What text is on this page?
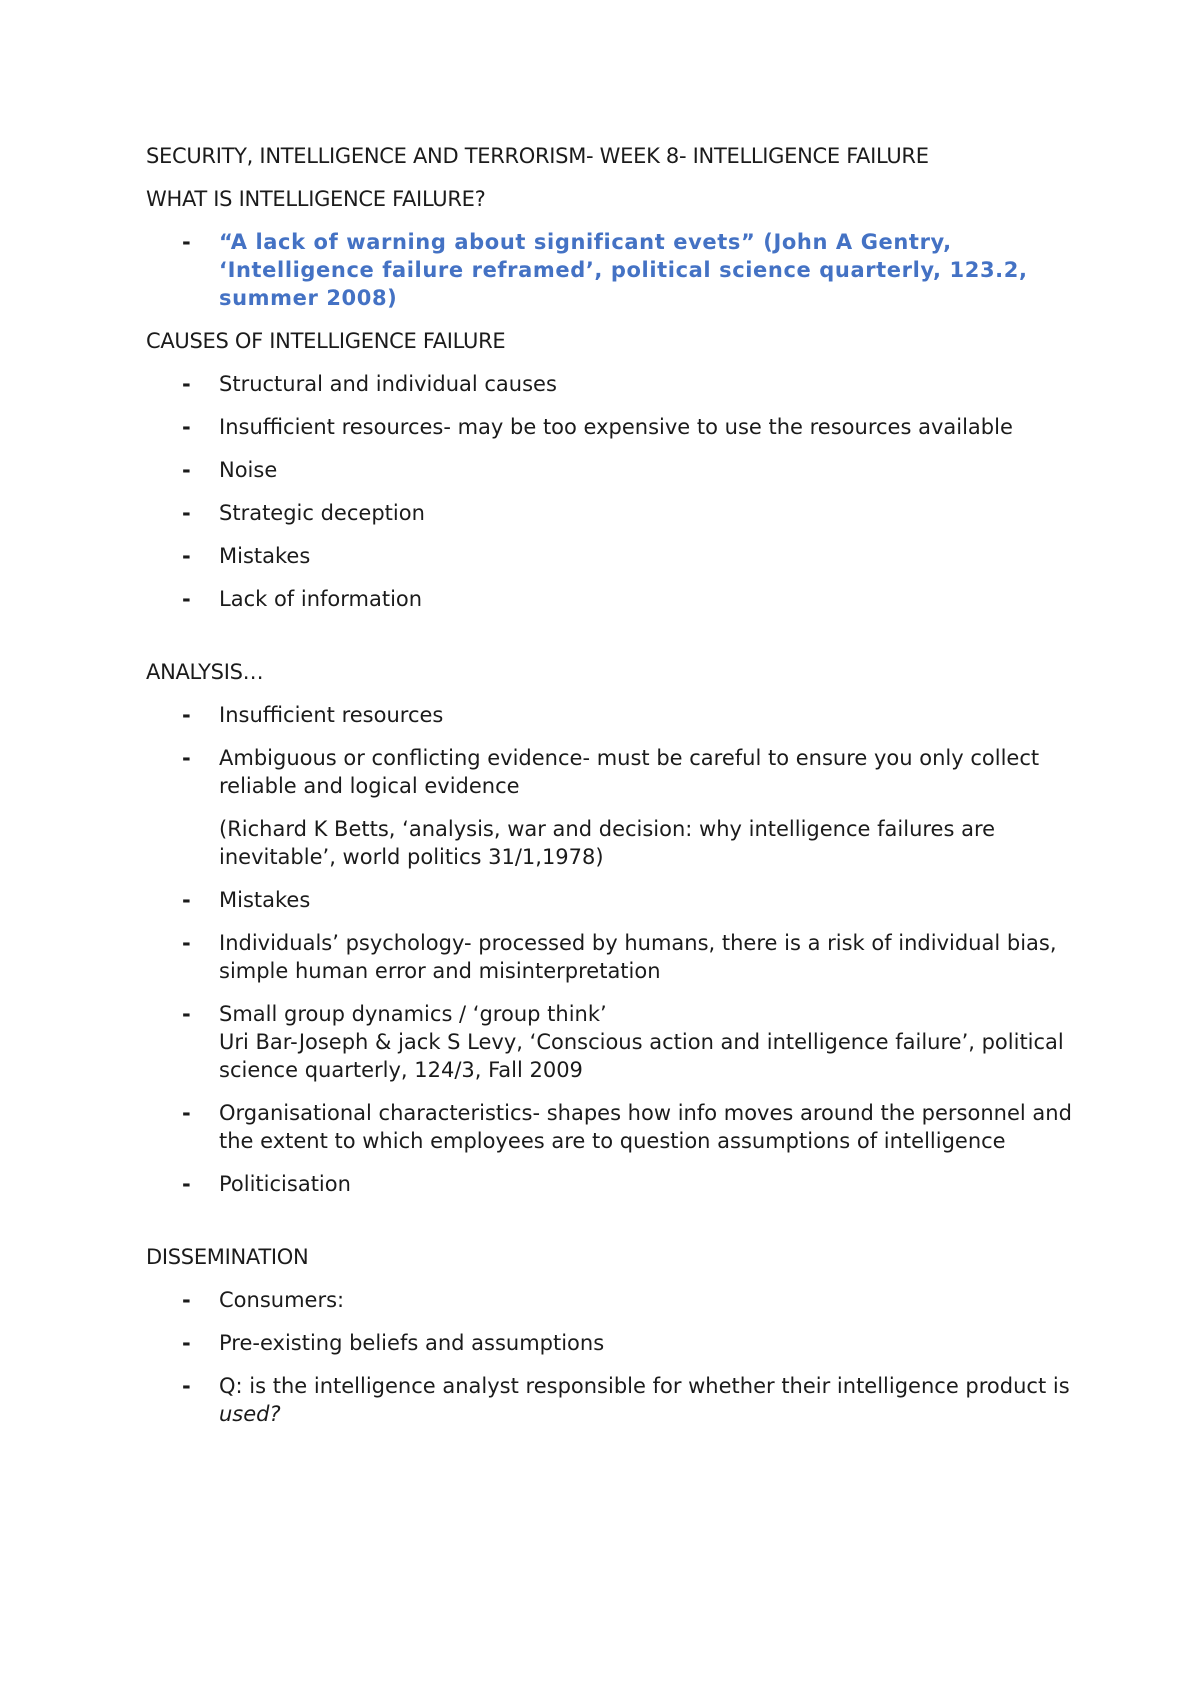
SECURITY, INTELLIGENCE AND TERRORISM- WEEK 8- INTELLIGENCE FAILURE

WHAT IS INTELLIGENCE FAILURE?

- “A lack of warning about significant evets” (John A Gentry, ‘Intelligence failure reframed’, political science quarterly, 123.2, summer 2008)

CAUSES OF INTELLIGENCE FAILURE

- Structural and individual causes
- Insufficient resources- may be too expensive to use the resources available
- Noise
- Strategic deception
- Mistakes
- Lack of information

ANALYSIS…

- Insufficient resources
- Ambiguous or conflicting evidence- must be careful to ensure you only collect reliable and logical evidence
(Richard K Betts, ‘analysis, war and decision: why intelligence failures are inevitable’, world politics 31/1,1978)
- Mistakes
- Individuals’ psychology- processed by humans, there is a risk of individual bias, simple human error and misinterpretation
- Small group dynamics / ‘group think’
Uri Bar-Joseph & jack S Levy, ‘Conscious action and intelligence failure’, political science quarterly, 124/3, Fall 2009
- Organisational characteristics- shapes how info moves around the personnel and the extent to which employees are to question assumptions of intelligence
- Politicisation

DISSEMINATION

- Consumers:
- Pre-existing beliefs and assumptions
- Q: is the intelligence analyst responsible for whether their intelligence product is used?
